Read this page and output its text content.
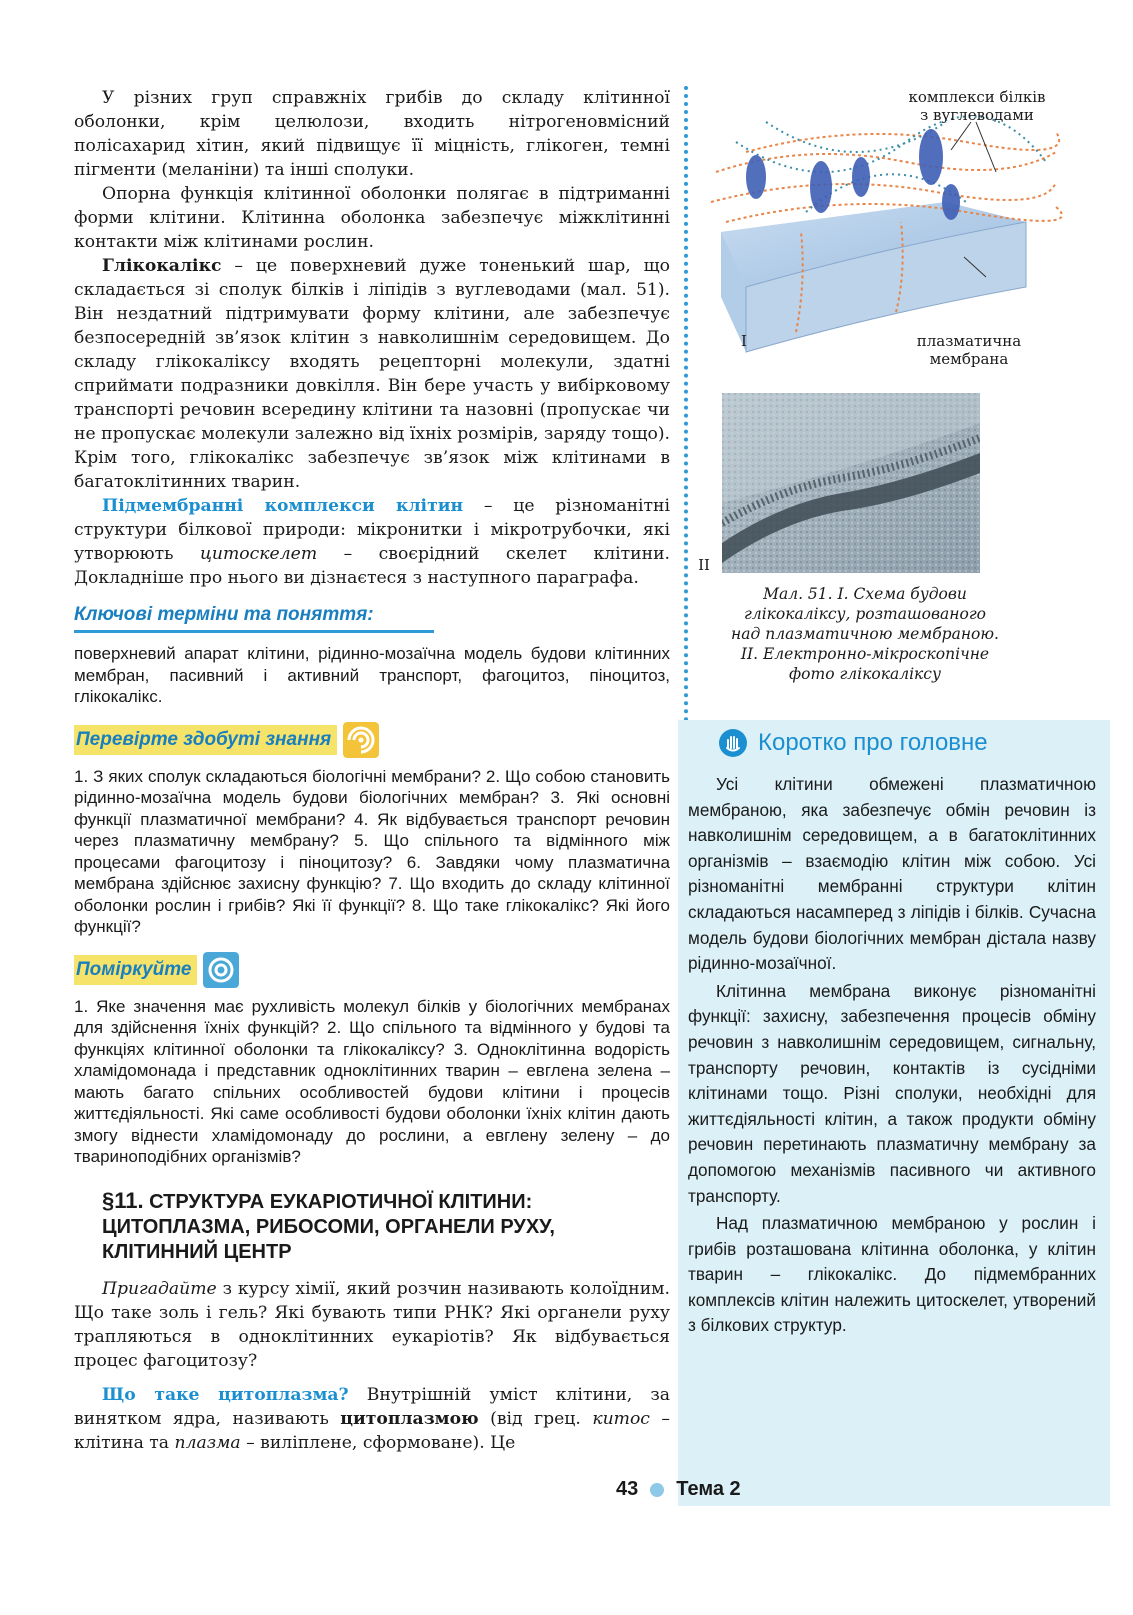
У різних груп справжніх грибів до складу клітинної оболонки, крім целюлози, входить нітрогеновмісний полісахарид хітин, який підвищує її міцність, глікоген, темні пігменти (меланіни) та інші сполуки.

Опорна функція клітинної оболонки полягає в підтриманні форми клітини. Клітинна оболонка забезпечує міжклітинні контакти між клітинами рослин.

Глікокалікс – це поверхневий дуже тоненький шар, що складається зі сполук білків і ліпідів з вуглеводами (мал. 51). Він нездатний підтримувати форму клітини, але забезпечує безпосередній зв’язок клітин з навколишнім середовищем. До складу глікокаліксу входять рецепторні молекули, здатні сприймати подразники довкілля. Він бере участь у вибірковому транспорті речовин всередину клітини та назовні (пропускає чи не пропускає молекули залежно від їхніх розмірів, заряду тощо). Крім того, глікокалікс забезпечує зв’язок між клітинами в багатоклітинних тварин.

Підмембранні комплекси клітин – це різноманітні структури білкової природи: мікронитки і мікротрубочки, які утворюють цитоскелет – своєрідний скелет клітини. Докладніше про нього ви дізнаєтеся з наступного параграфа.

Ключові терміни та поняття:

поверхневий апарат клітини, рідинно-мозаїчна модель будови клітинних мембран, пасивний і активний транспорт, фагоцитоз, піноцитоз, глікокалікс.

Перевірте здобуті знання

1. З яких сполук складаються біологічні мембрани? 2. Що собою становить рідинно-мозаїчна модель будови біологічних мембран? 3. Які основні функції плазматичної мембрани? 4. Як відбувається транспорт речовин через плазматичну мембрану? 5. Що спільного та відмінного між процесами фагоцитозу і піноцитозу? 6. Завдяки чому плазматична мембрана здійснює захисну функцію? 7. Що входить до складу клітинної оболонки рослин і грибів? Які її функції? 8. Що таке глікокалікс? Які його функції?

Поміркуйте

1. Яке значення має рухливість молекул білків у біологічних мембранах для здійснення їхніх функцій? 2. Що спільного та відмінного у будові та функціях клітинної оболонки та глікокаліксу? 3. Одноклітинна водорість хламідомонада і представник одноклітинних тварин – евглена зелена – мають багато спільних особливостей будови клітини і процесів життєдіяльності. Які саме особливості будови оболонки їхніх клітин дають змогу віднести хламідомонаду до рослини, а евглену зелену – до твариноподібних організмів?

§11. СТРУКТУРА ЕУКАРІОТИЧНОЇ КЛІТИНИ:
ЦИТОПЛАЗМА, РИБОСОМИ, ОРГАНЕЛИ РУХУ,
КЛІТИННИЙ ЦЕНТР

Пригадайте з курсу хімії, який розчин називають колоїдним. Що таке золь і гель? Які бувають типи РНК? Які органели руху трапляються в одноклітинних еукаріотів? Як відбувається процес фагоцитозу?

Що таке цитоплазма? Внутрішній уміст клітини, за винятком ядра, називають цитоплазмою (від грец. китос – клітина та плазма – виліплене, сформоване). Це

комплекси білків
з вуглеводами
плазматична
мембрана
I
II
Мал. 51. I. Схема будови
глікокаліксу, розташованого
над плазматичною мембраною.
II. Електронно-мікроскопічне
фото глікокаліксу
Коротко про головне

Усі клітини обмежені плазматичною мембраною, яка забезпечує обмін речовин із навколишнім середовищем, а в багатоклітинних організмів – взаємодію клітин між собою. Усі різноманітні мембранні структури клітин складаються насамперед з ліпідів і білків. Сучасна модель будови біологічних мембран дістала назву рідинно-мозаїчної.

Клітинна мембрана виконує різноманітні функції: захисну, забезпечення процесів обміну речовин з навколишнім середовищем, сигнальну, транспорту речовин, контактів із сусідніми клітинами тощо. Різні сполуки, необхідні для життєдіяльності клітин, а також продукти обміну речовин перетинають плазматичну мембрану за допомогою механізмів пасивного чи активного транспорту.

Над плазматичною мембраною у рослин і грибів розташована клітинна оболонка, у клітин тварин – глікокалікс. До підмембранних комплексів клітин належить цитоскелет, утворений з білкових структур.

43 Тема 2
